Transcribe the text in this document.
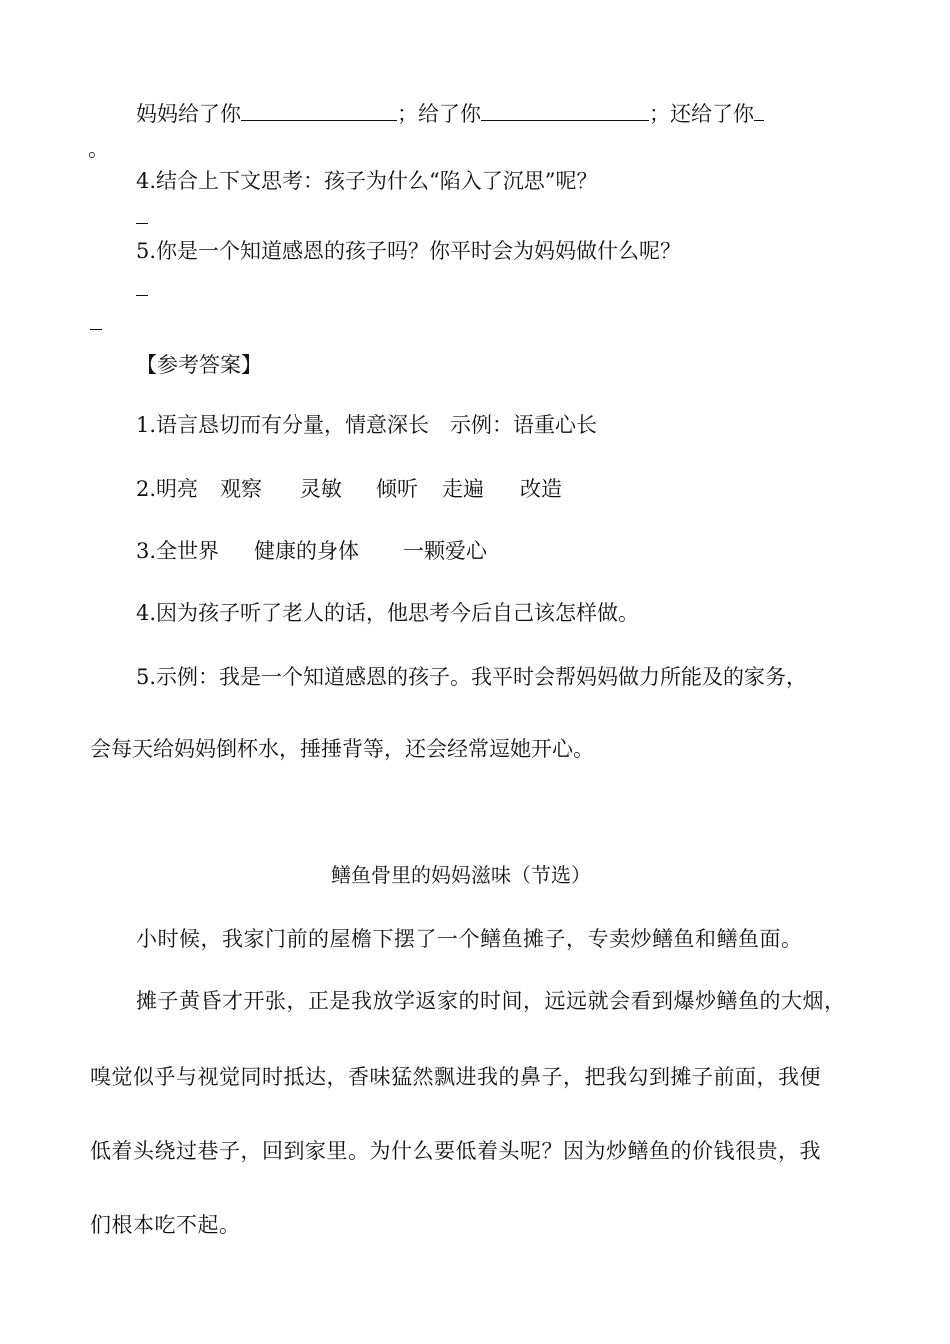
妈妈给了你	；给了你	；还给了你
。
4.结合上下文思考：孩子为什么“陷入了沉思”呢？
5.你是一个知道感恩的孩子吗？你平时会为妈妈做什么呢？
【参考答案】
1.语言恳切而有分量，情意深长　示例：语重心长
2.明亮 观察 灵敏 倾听 走遍 改造
3.全世界 健康的身体 一颗爱心
4.因为孩子听了老人的话，他思考今后自己该怎样做。
5.示例：我是一个知道感恩的孩子。我平时会帮妈妈做力所能及的家务，
会每天给妈妈倒杯水，捶捶背等，还会经常逗她开心。
鳝鱼骨里的妈妈滋味（节选）
小时候，我家门前的屋檐下摆了一个鳝鱼摊子，专卖炒鳝鱼和鳝鱼面。
摊子黄昏才开张，正是我放学返家的时间，远远就会看到爆炒鳝鱼的大烟，
嗅觉似乎与视觉同时抵达，香味猛然飘进我的鼻子，把我勾到摊子前面，我便
低着头绕过巷子，回到家里。为什么要低着头呢？因为炒鳝鱼的价钱很贵，我
们根本吃不起。
